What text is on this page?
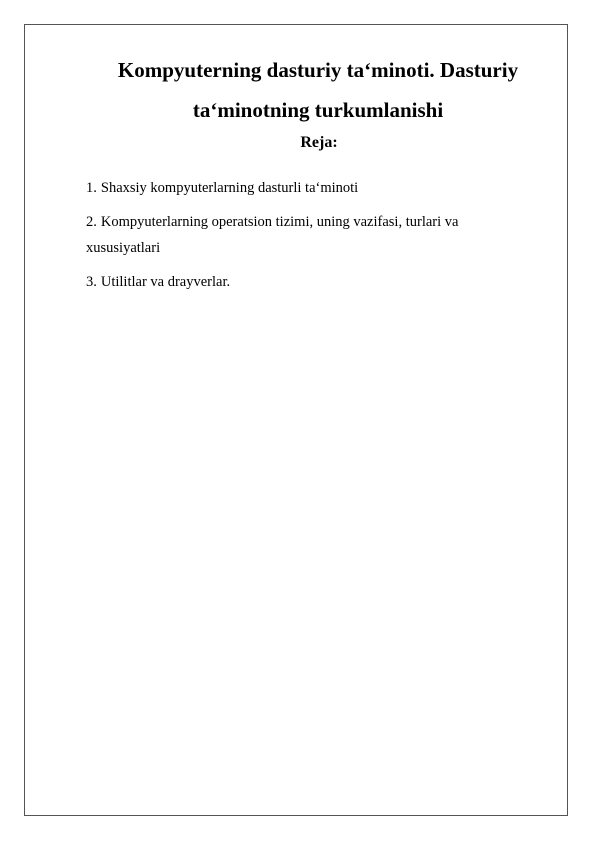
Kompyuterning dasturiy taʻminoti. Dasturiy
taʻminotning turkumlanishi

Reja:

1. Shaxsiy kompyuterlarning dasturli taʻminoti
2. Kompyuterlarning operatsion tizimi, uning vazifasi, turlari va xususiyatlari
3. Utilitlar va drayverlar.
